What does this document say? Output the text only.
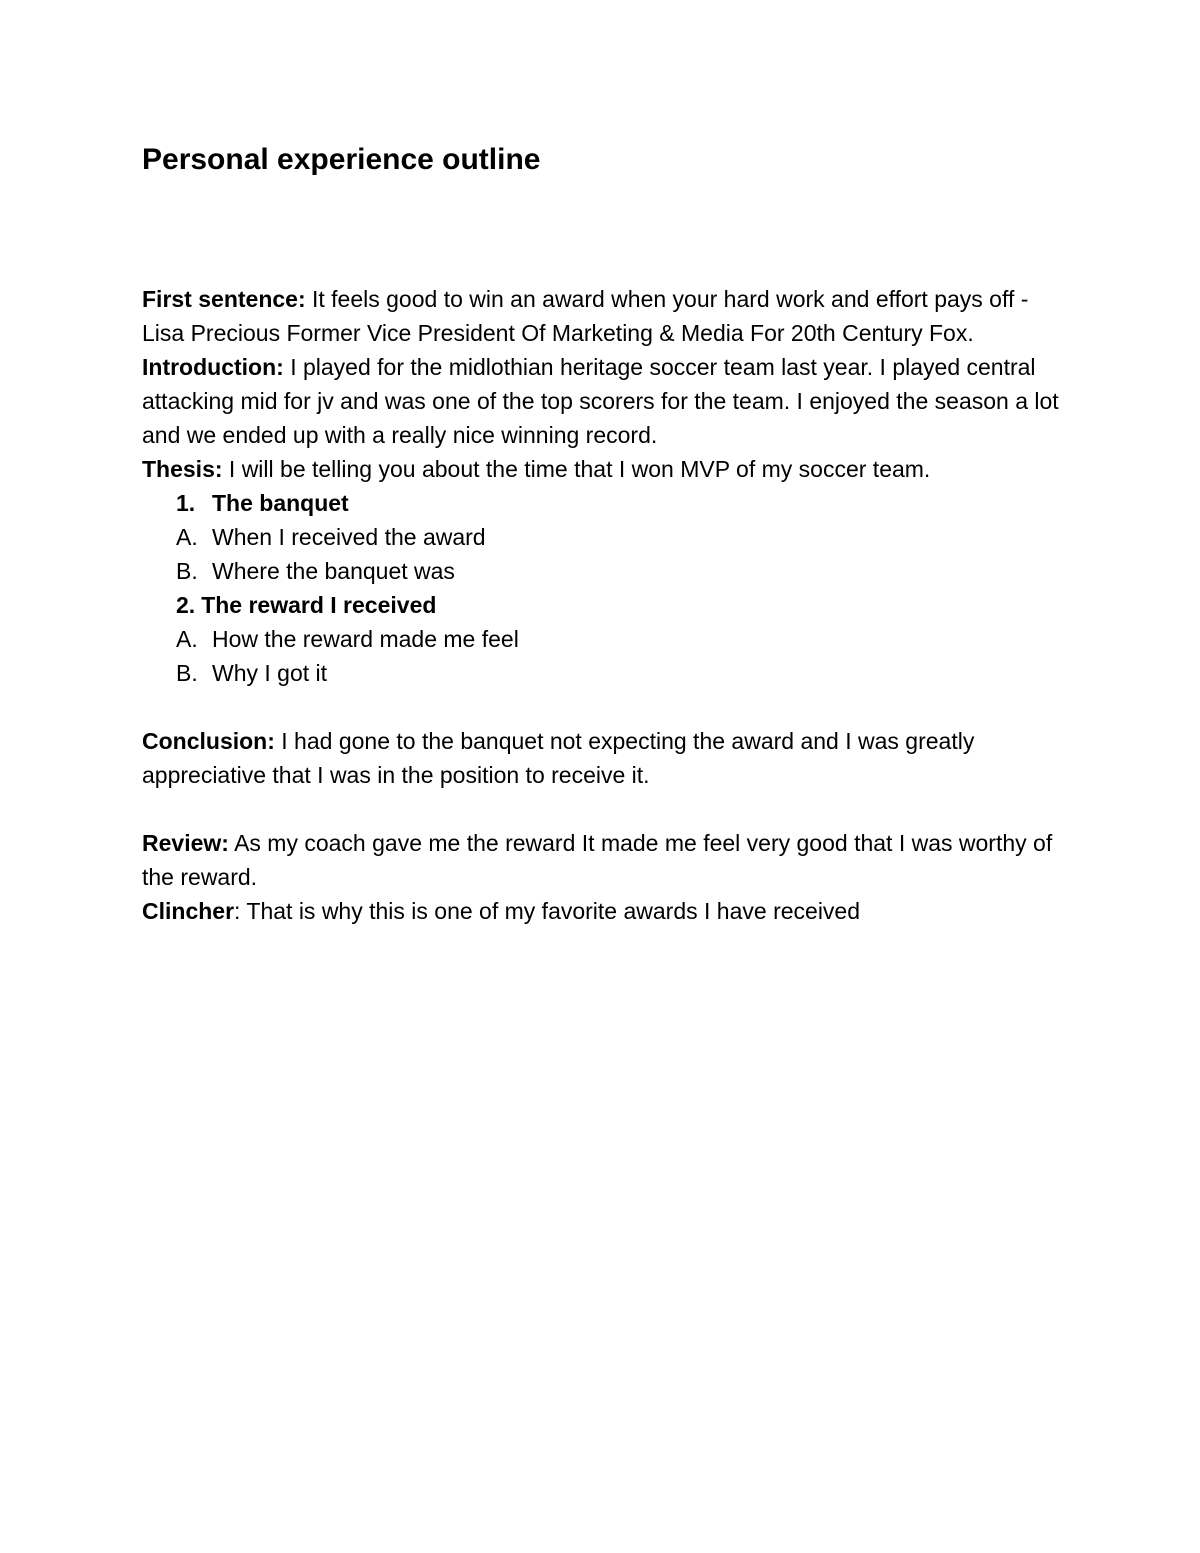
Personal experience outline

First sentence: It feels good to win an award when your hard work and effort pays off - Lisa Precious Former Vice President Of Marketing & Media For 20th Century Fox.

Introduction: I played for the midlothian heritage soccer team last year. I played central attacking mid for jv and was one of the top scorers for the team. I enjoyed the season a lot and we ended up with a really nice winning record.

Thesis: I will be telling you about the time that I won MVP of my soccer team.

1. The banquet
A. When I received the award
B. Where the banquet was
2. The reward I received
A. How the reward made me feel
B. Why I got it

Conclusion: I had gone to the banquet not expecting the award and I was greatly appreciative that I was in the position to receive it.

Review: As my coach gave me the reward It made me feel very good that I was worthy of the reward.

Clincher: That is why this is one of my favorite awards I have received
